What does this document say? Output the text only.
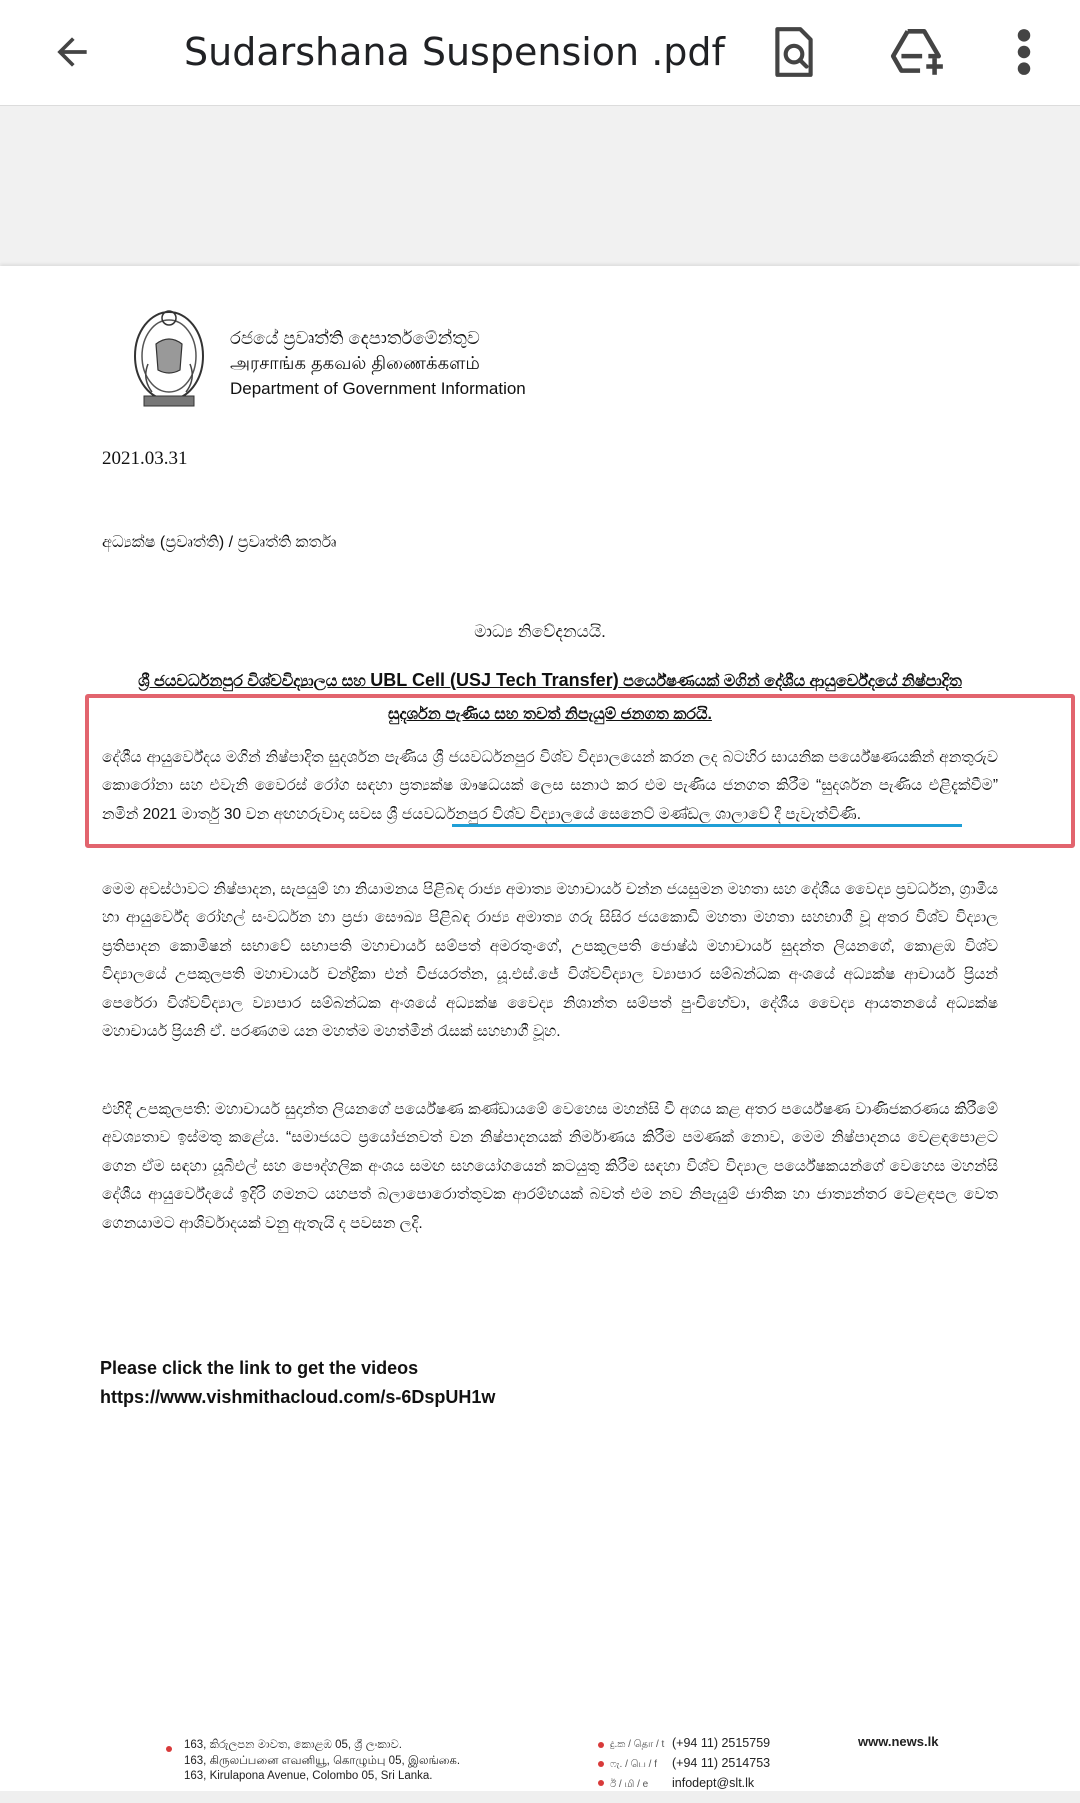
Sudarshana Suspension .pdf
රජයේ ප්‍රවෘත්ති දෙපාර්තමේන්තුව
அரசாங்க தகவல் திணைக்களம்
Department of Government Information
2021.03.31
අධ්‍යක්ෂ (ප්‍රවෘත්ති) / ප්‍රවෘත්ති කර්තෘ
මාධ්‍ය නිවේදනයයි.
ශ්‍රී ජයවර්ධනපුර විශ්වවිද්‍යාලය සහ UBL Cell (USJ Tech Transfer) පර්යේෂණයක් මගින් දේශීය ආයුර්වේදයේ නිෂ්පාදිත සුදර්ශන පැණිය සහ තවත් නිපැයුම් ජනගත කරයි.
දේශීය ආයුර්වේදය මගින් නිෂ්පාදිත සුදර්ශන පැණිය ශ්‍රී ජයවර්ධනපුර විශ්ව විද්‍යාලයෙන් කරන ලද බටහිර සායනික පර්යේෂණයකින් අනතුරුව කොරෝනා සහ එවැනි වෛරස් රෝග සඳහා ප්‍රත්‍යක්ෂ ඖෂධයක් ලෙස සනාථ කර එම පැණිය ජනගත කිරීම “සුදර්ශන පැණිය එළිදැක්වීම” නමින් 2021 මාර්තු 30 වන අඟහරුවාදා සවස ශ්‍රී ජයවර්ධනපුර විශ්ව විද්‍යාලයේ සෙනෙට් මණ්ඩල ශාලාවේ දී පැවැත්විණි.
මෙම අවස්ථාවට නිෂ්පාදන, සැපයුම් හා නියාමනය පිළිබඳ රාජ්‍ය අමාත්‍ය මහාචාර්ය චන්න ජයසුමන මහතා සහ දේශීය වෛද්‍ය ප්‍රවර්ධන, ග්‍රාමීය හා ආයුර්වේද රෝහල් සංවර්ධන හා ප්‍රජා සෞඛ්‍ය පිළිබඳ රාජ්‍ය අමාත්‍ය ගරු සිසිර ජයකොඩි මහතා මහතා සහභාගී වූ අතර විශ්ව විද්‍යාල ප්‍රතිපාදන කොමිෂන් සභාවේ සභාපති මහාචාර්ය සම්පත් අමරතුංගේ, උපකුලපති ජොෂ්ඨ මහාචාර්ය සුදන්ත ලියනගේ, කොළඹ විශ්ව විද්‍යාලයේ උපකුලපති මහාචාර්ය චන්ද්‍රිකා එන් විජයරත්න, යූ.එස්.ජේ විශ්වවිද්‍යාල ව්‍යාපාර සම්බන්ධක අංශයේ අධ්‍යක්ෂ ආචාර්ය ප්‍රියන් පෙරේරා විශ්වවිද්‍යාල ව්‍යාපාර සම්බන්ධක අංශයේ අධ්‍යක්ෂ වෛද්‍ය නිශාන්ත සම්පත් පුංචිහේවා, දේශීය වෛද්‍ය ආයතනයේ අධ්‍යක්ෂ මහාචාර්ය ප්‍රියනි ඒ. පරණගම යන මහත්ම මහත්මීන් රැසක් සහභාගී වූහ.
එහිදී උපකුලපති: මහාචාර්ය සුදාන්ත ලියනගේ පර්යේෂණ කණ්ඩායමේ වෙහෙස මහන්සි වී අගය කළ අතර පර්යේෂණ වාණිජකරණය කිරීමේ අවශ්‍යතාව ඉස්මතු කළේය. “සමාජයට ප්‍රයෝජනවත් වන නිෂ්පාදනයක් නිර්මාණය කිරීම පමණක් නොව, මෙම නිෂ්පාදනය වෙළඳපොළට ගෙන ඒම සඳහා යූබීඑල් සහ පෞද්ගලික අංශය සමඟ සහයෝගයෙන් කටයුතු කිරීම සඳහා විශ්ව විද්‍යාල පර්යේෂකයන්ගේ වෙහෙස මහන්සි දේශීය ආයුර්වේදයේ ඉදිරි ගමනට යහපත් බලාපොරොත්තුවක ආරම්භයක් බවත් එම නව නිපැයුම් ජාතික හා ජාත්‍යන්තර වෙළඳපල වෙත ගෙනයාමට ආශිර්වාදයක් වනු ඇතැයි ද පවසන ලදි.
Please click the link to get the videos
https://www.vishmithacloud.com/s-6DspUH1w
163, කිරුලපන මාවත, කොළඹ 05, ශ්‍රී ලංකාව.
163, கிருலப்பனை எவனியூ, கொழும்பு 05, இலங்கை.
163, Kirulapona Avenue, Colombo 05, Sri Lanka.
දු.ක / தொ / t (+94 11) 2515759
ෆැ. / பெ / f (+94 11) 2514753
ඊ / மி / e infodept@slt.lk
www.news.lk
